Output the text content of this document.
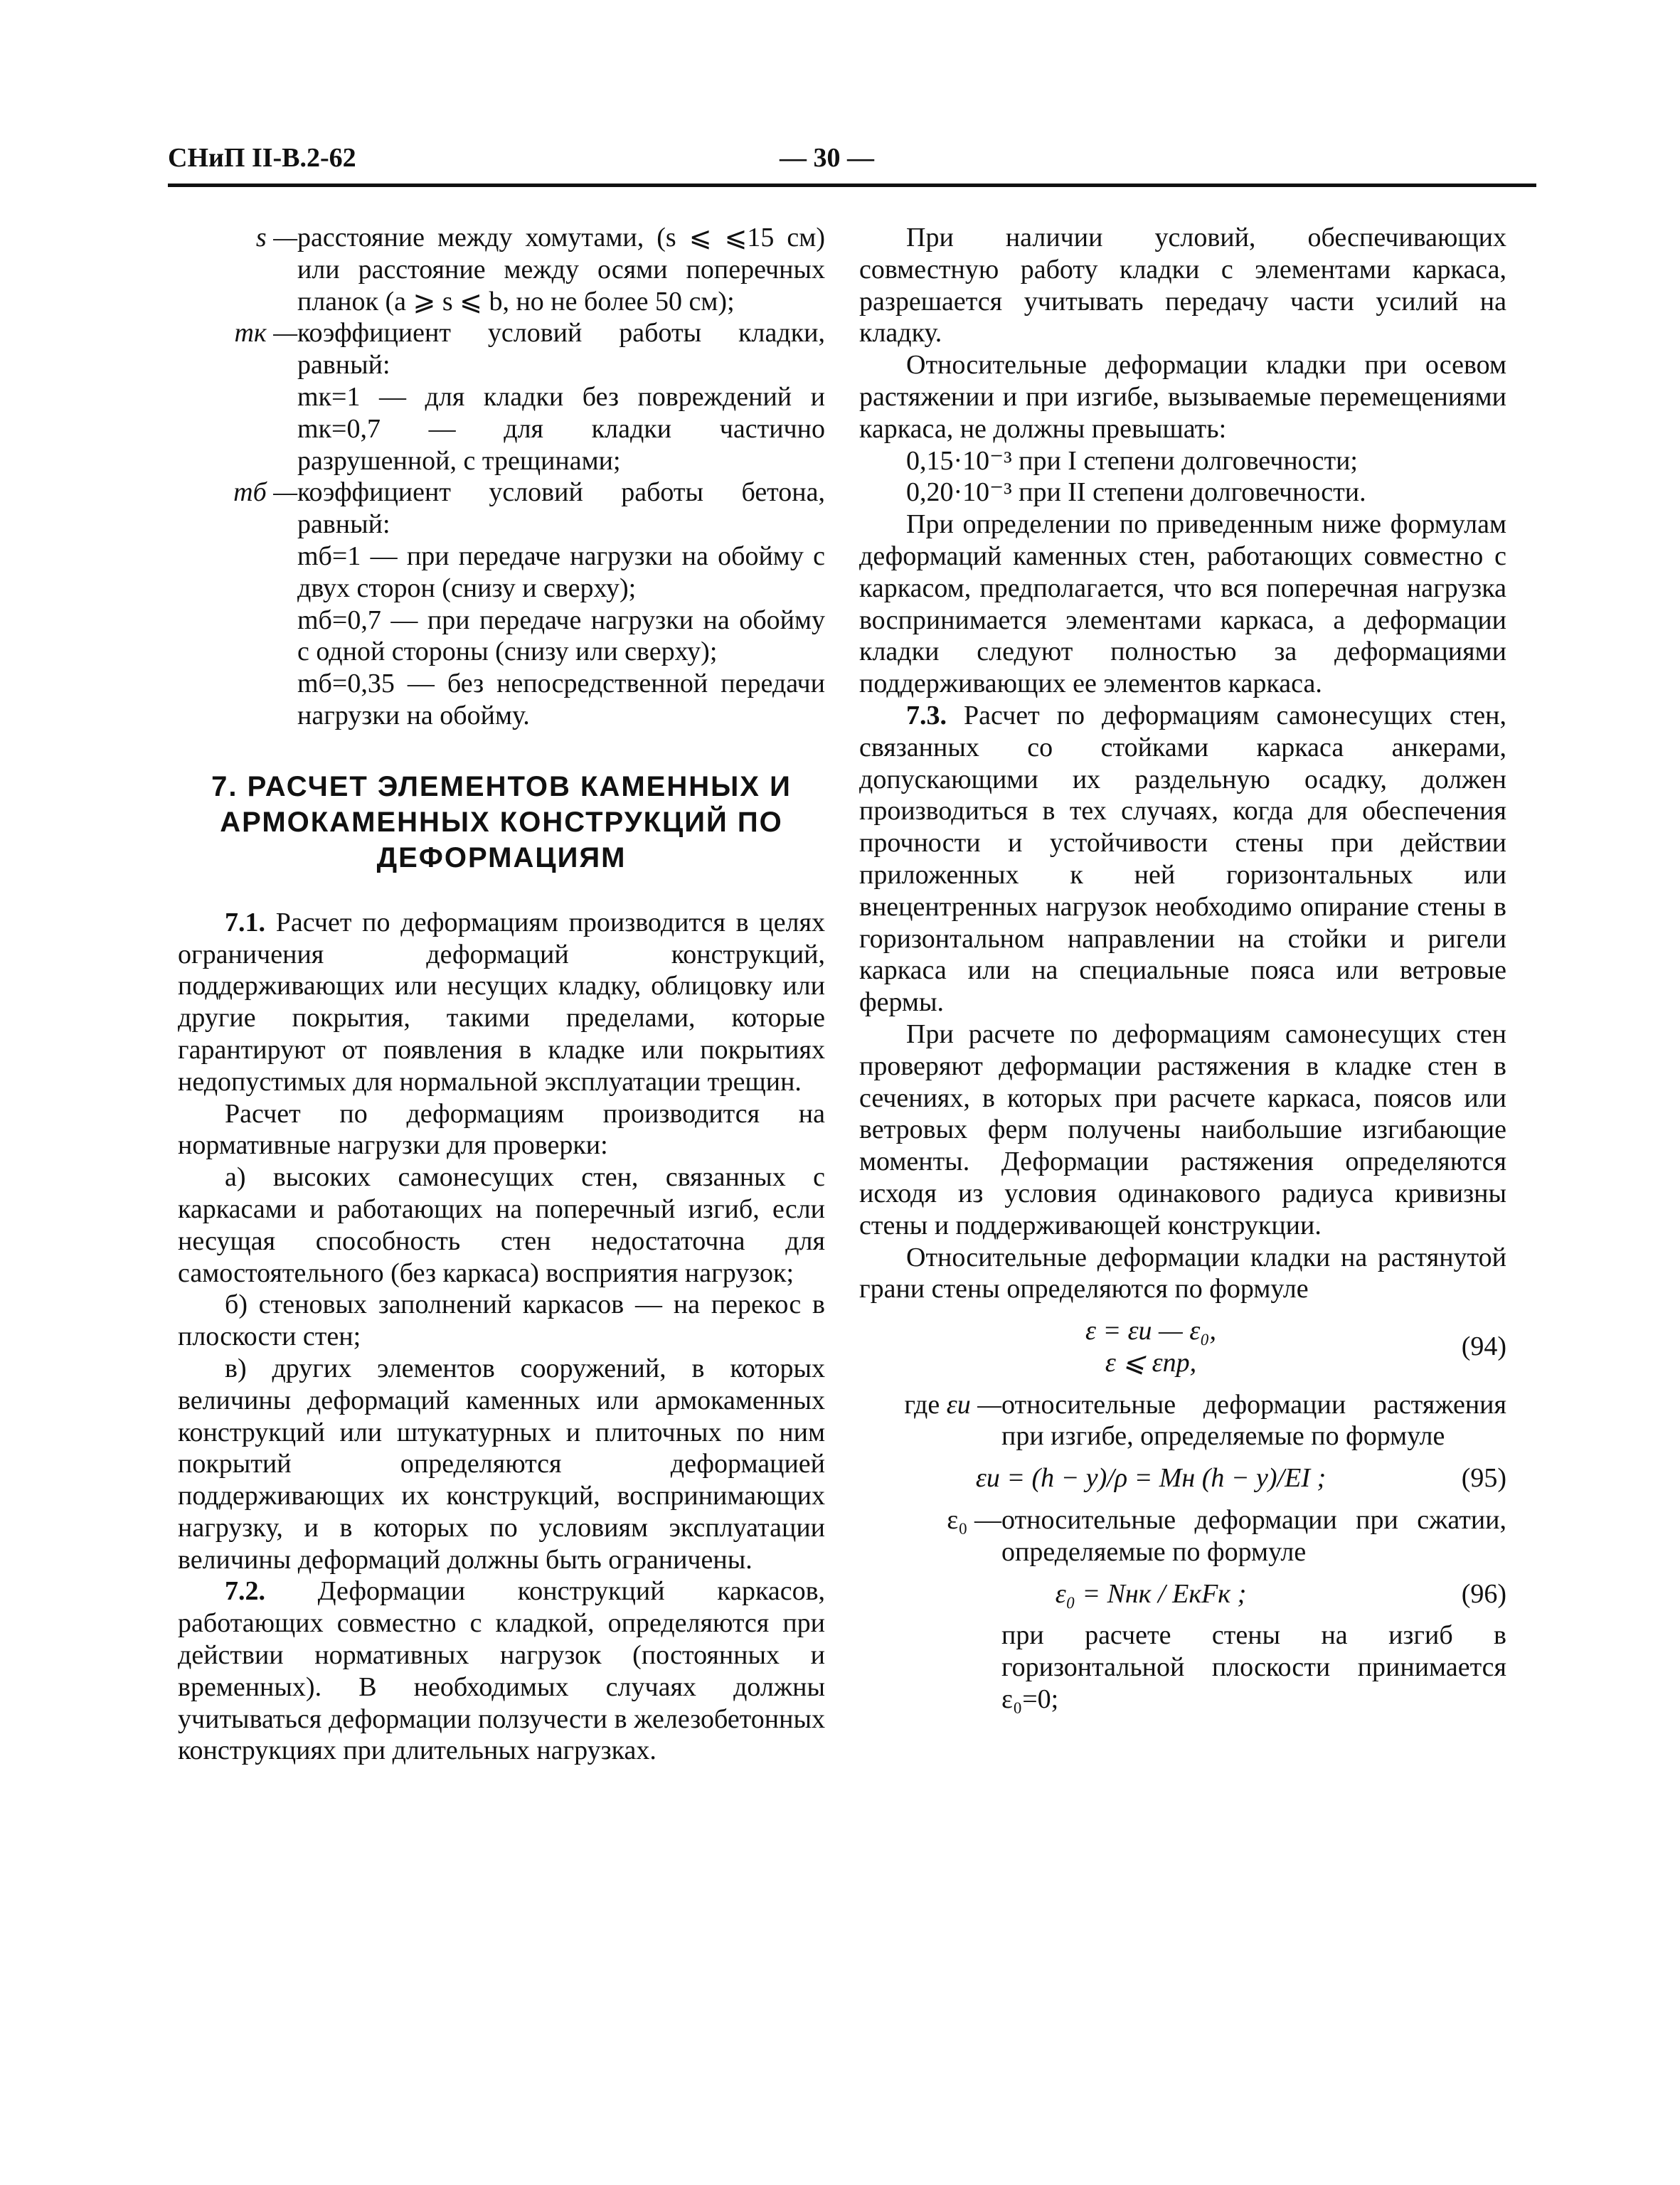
СНиП II-В.2-62	— 30 —
s — расстояние между хомутами, (s ⩽ ⩽15 см) или расстояние между осями поперечных планок (a ⩾ s ⩽ b, но не более 50 см);
mк — коэффициент условий работы кладки, равный:

mк=1 — для кладки без повреждений и mк=0,7 — для кладки частично разрушенной, с трещинами;

mб — коэффициент условий работы бетона, равный:

mб=1 — при передаче нагрузки на обойму с двух сторон (снизу и сверху);

mб=0,7 — при передаче нагрузки на обойму с одной стороны (снизу или сверху);

mб=0,35 — без непосредственной передачи нагрузки на обойму.

7. РАСЧЕТ ЭЛЕМЕНТОВ КАМЕННЫХ И АРМОКАМЕННЫХ КОНСТРУКЦИЙ ПО ДЕФОРМАЦИЯМ

7.1. Расчет по деформациям производится в целях ограничения деформаций конструкций, поддерживающих или несущих кладку, облицовку или другие покрытия, такими пределами, которые гарантируют от появления в кладке или покрытиях недопустимых для нормальной эксплуатации трещин.

Расчет по деформациям производится на нормативные нагрузки для проверки:

а) высоких самонесущих стен, связанных с каркасами и работающих на поперечный изгиб, если несущая способность стен недостаточна для самостоятельного (без каркаса) восприятия нагрузок;

б) стеновых заполнений каркасов — на перекос в плоскости стен;

в) других элементов сооружений, в которых величины деформаций каменных или армокаменных конструкций или штукатурных и плиточных по ним покрытий определяются деформацией поддерживающих их конструкций, воспринимающих нагрузку, и в которых по условиям эксплуатации величины деформаций должны быть ограничены.

7.2. Деформации конструкций каркасов, работающих совместно с кладкой, определяются при действии нормативных нагрузок (постоянных и временных). В необходимых случаях должны учитываться деформации ползучести в железобетонных конструкциях при длительных нагрузках.

При наличии условий, обеспечивающих совместную работу кладки с элементами каркаса, разрешается учитывать передачу части усилий на кладку.

Относительные деформации кладки при осевом растяжении и при изгибе, вызываемые перемещениями каркаса, не должны превышать:

0,15·10⁻³ при I степени долговечности;

0,20·10⁻³ при II степени долговечности.

При определении по приведенным ниже формулам деформаций каменных стен, работающих совместно с каркасом, предполагается, что вся поперечная нагрузка воспринимается элементами каркаса, а деформации кладки следуют полностью за деформациями поддерживающих ее элементов каркаса.

7.3. Расчет по деформациям самонесущих стен, связанных со стойками каркаса анкерами, допускающими их раздельную осадку, должен производиться в тех случаях, когда для обеспечения прочности и устойчивости стены при действии приложенных к ней горизонтальных или внецентренных нагрузок необходимо опирание стены в горизонтальном направлении на стойки и ригели каркаса или на специальные пояса или ветровые фермы.

При расчете по деформациям самонесущих стен проверяют деформации растяжения в кладке стен в сечениях, в которых при расчете каркаса, поясов или ветровых ферм получены наибольшие изгибающие моменты. Деформации растяжения определяются исходя из условия одинакового радиуса кривизны стены и поддерживающей конструкции.

Относительные деформации кладки на растянутой грани стены определяются по формуле

ε = εи — ε₀,
ε ⩽ εпр,
(94)
где εи — относительные деформации растяжения при изгибе, определяемые по формуле
εи = (h − y)/ρ = Mн (h − y)/EI ;	(95)
ε₀ — относительные деформации при сжатии, определяемые по формуле
ε₀ = Nнк / EкFк ;	(96)

при расчете стены на изгиб в горизонтальной плоскости принимается ε₀=0;
